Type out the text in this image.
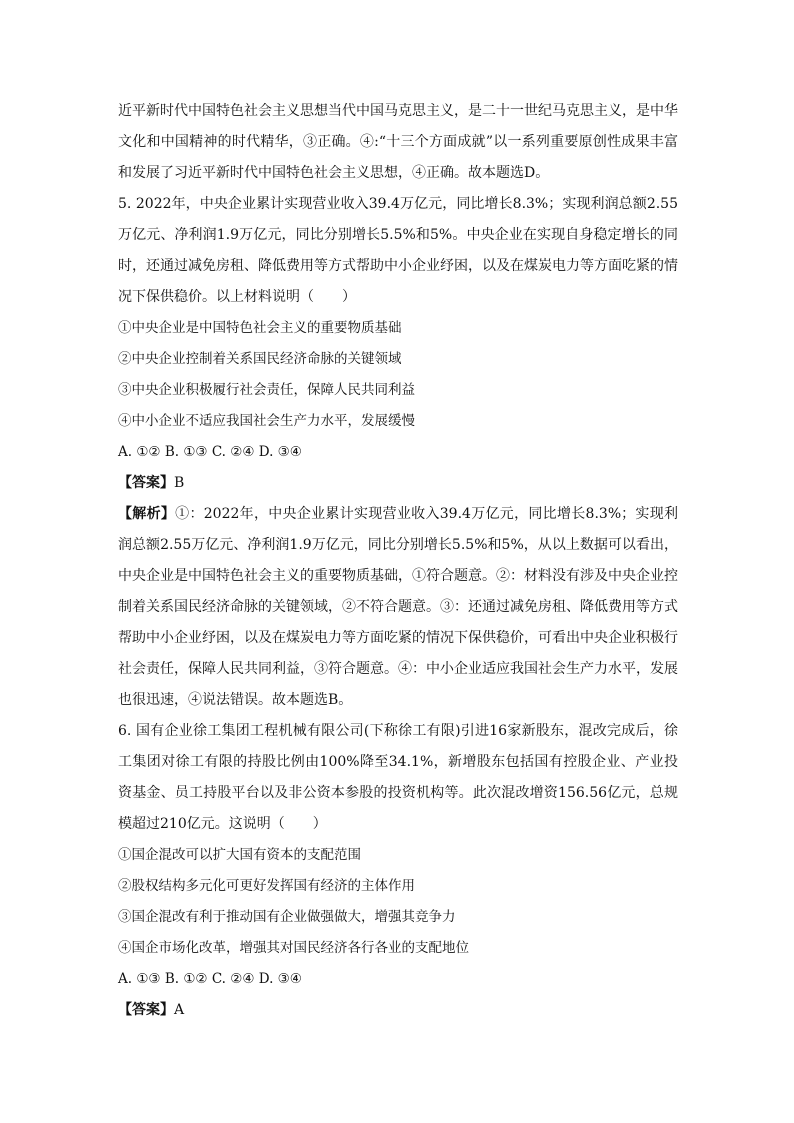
近平新时代中国特色社会主义思想当代中国马克思主义，是二十一世纪马克思主义，是中华文化和中国精神的时代精华，③正确。④:“十三个方面成就”以一系列重要原创性成果丰富和发展了习近平新时代中国特色社会主义思想，④正确。故本题选D。

5. 2022年，中央企业累计实现营业收入39.4万亿元，同比增长8.3%；实现利润总额2.55万亿元、净利润1.9万亿元，同比分别增长5.5%和5%。中央企业在实现自身稳定增长的同时，还通过减免房租、降低费用等方式帮助中小企业纾困，以及在煤炭电力等方面吃紧的情况下保供稳价。以上材料说明（　　）

①中央企业是中国特色社会主义的重要物质基础

②中央企业控制着关系国民经济命脉的关键领域

③中央企业积极履行社会责任，保障人民共同利益

④中小企业不适应我国社会生产力水平，发展缓慢

A. ①② B. ①③ C. ②④ D. ③④

【答案】B

【解析】①：2022年，中央企业累计实现营业收入39.4万亿元，同比增长8.3%；实现利润总额2.55万亿元、净利润1.9万亿元，同比分别增长5.5%和5%，从以上数据可以看出，中央企业是中国特色社会主义的重要物质基础，①符合题意。②：材料没有涉及中央企业控制着关系国民经济命脉的关键领域，②不符合题意。③：还通过减免房租、降低费用等方式帮助中小企业纾困，以及在煤炭电力等方面吃紧的情况下保供稳价，可看出中央企业积极行社会责任，保障人民共同利益，③符合题意。④：中小企业适应我国社会生产力水平，发展也很迅速，④说法错误。故本题选B。

6. 国有企业徐工集团工程机械有限公司(下称徐工有限)引进16家新股东，混改完成后，徐工集团对徐工有限的持股比例由100%降至34.1%，新增股东包括国有控股企业、产业投资基金、员工持股平台以及非公资本参股的投资机构等。此次混改增资156.56亿元，总规模超过210亿元。这说明（　　）

①国企混改可以扩大国有资本的支配范围

②股权结构多元化可更好发挥国有经济的主体作用

③国企混改有利于推动国有企业做强做大，增强其竞争力

④国企市场化改革，增强其对国民经济各行各业的支配地位

A. ①③ B. ①② C. ②④ D. ③④

【答案】A
